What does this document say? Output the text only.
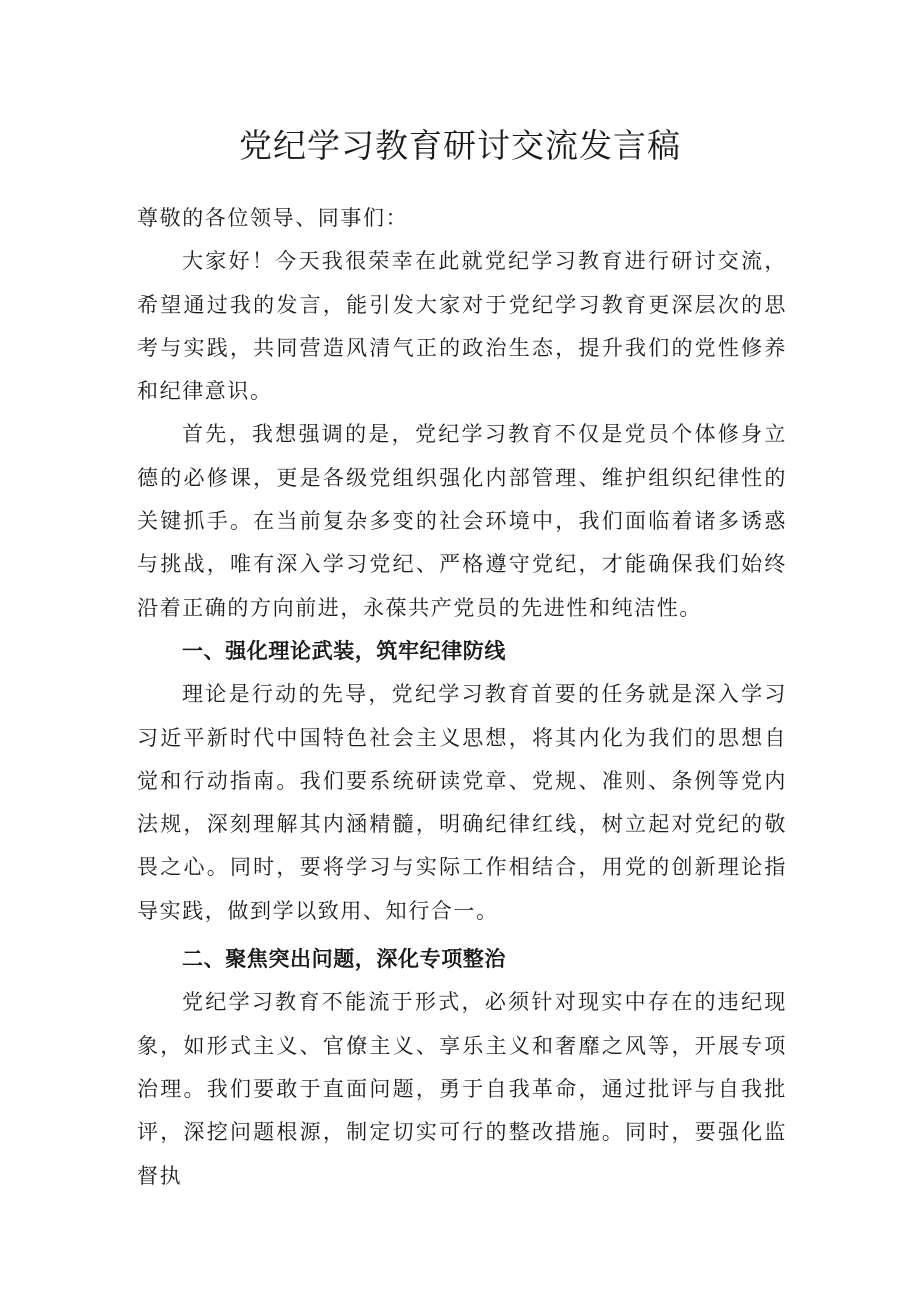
党纪学习教育研讨交流发言稿

尊敬的各位领导、同事们：

大家好！今天我很荣幸在此就党纪学习教育进行研讨交流，希望通过我的发言，能引发大家对于党纪学习教育更深层次的思考与实践，共同营造风清气正的政治生态，提升我们的党性修养和纪律意识。

首先，我想强调的是，党纪学习教育不仅是党员个体修身立德的必修课，更是各级党组织强化内部管理、维护组织纪律性的关键抓手。在当前复杂多变的社会环境中，我们面临着诸多诱惑与挑战，唯有深入学习党纪、严格遵守党纪，才能确保我们始终沿着正确的方向前进，永葆共产党员的先进性和纯洁性。

一、强化理论武装，筑牢纪律防线

理论是行动的先导，党纪学习教育首要的任务就是深入学习习近平新时代中国特色社会主义思想，将其内化为我们的思想自觉和行动指南。我们要系统研读党章、党规、准则、条例等党内法规，深刻理解其内涵精髓，明确纪律红线，树立起对党纪的敬畏之心。同时，要将学习与实际工作相结合，用党的创新理论指导实践，做到学以致用、知行合一。

二、聚焦突出问题，深化专项整治

党纪学习教育不能流于形式，必须针对现实中存在的违纪现象，如形式主义、官僚主义、享乐主义和奢靡之风等，开展专项治理。我们要敢于直面问题，勇于自我革命，通过批评与自我批评，深挖问题根源，制定切实可行的整改措施。同时，要强化监督执
